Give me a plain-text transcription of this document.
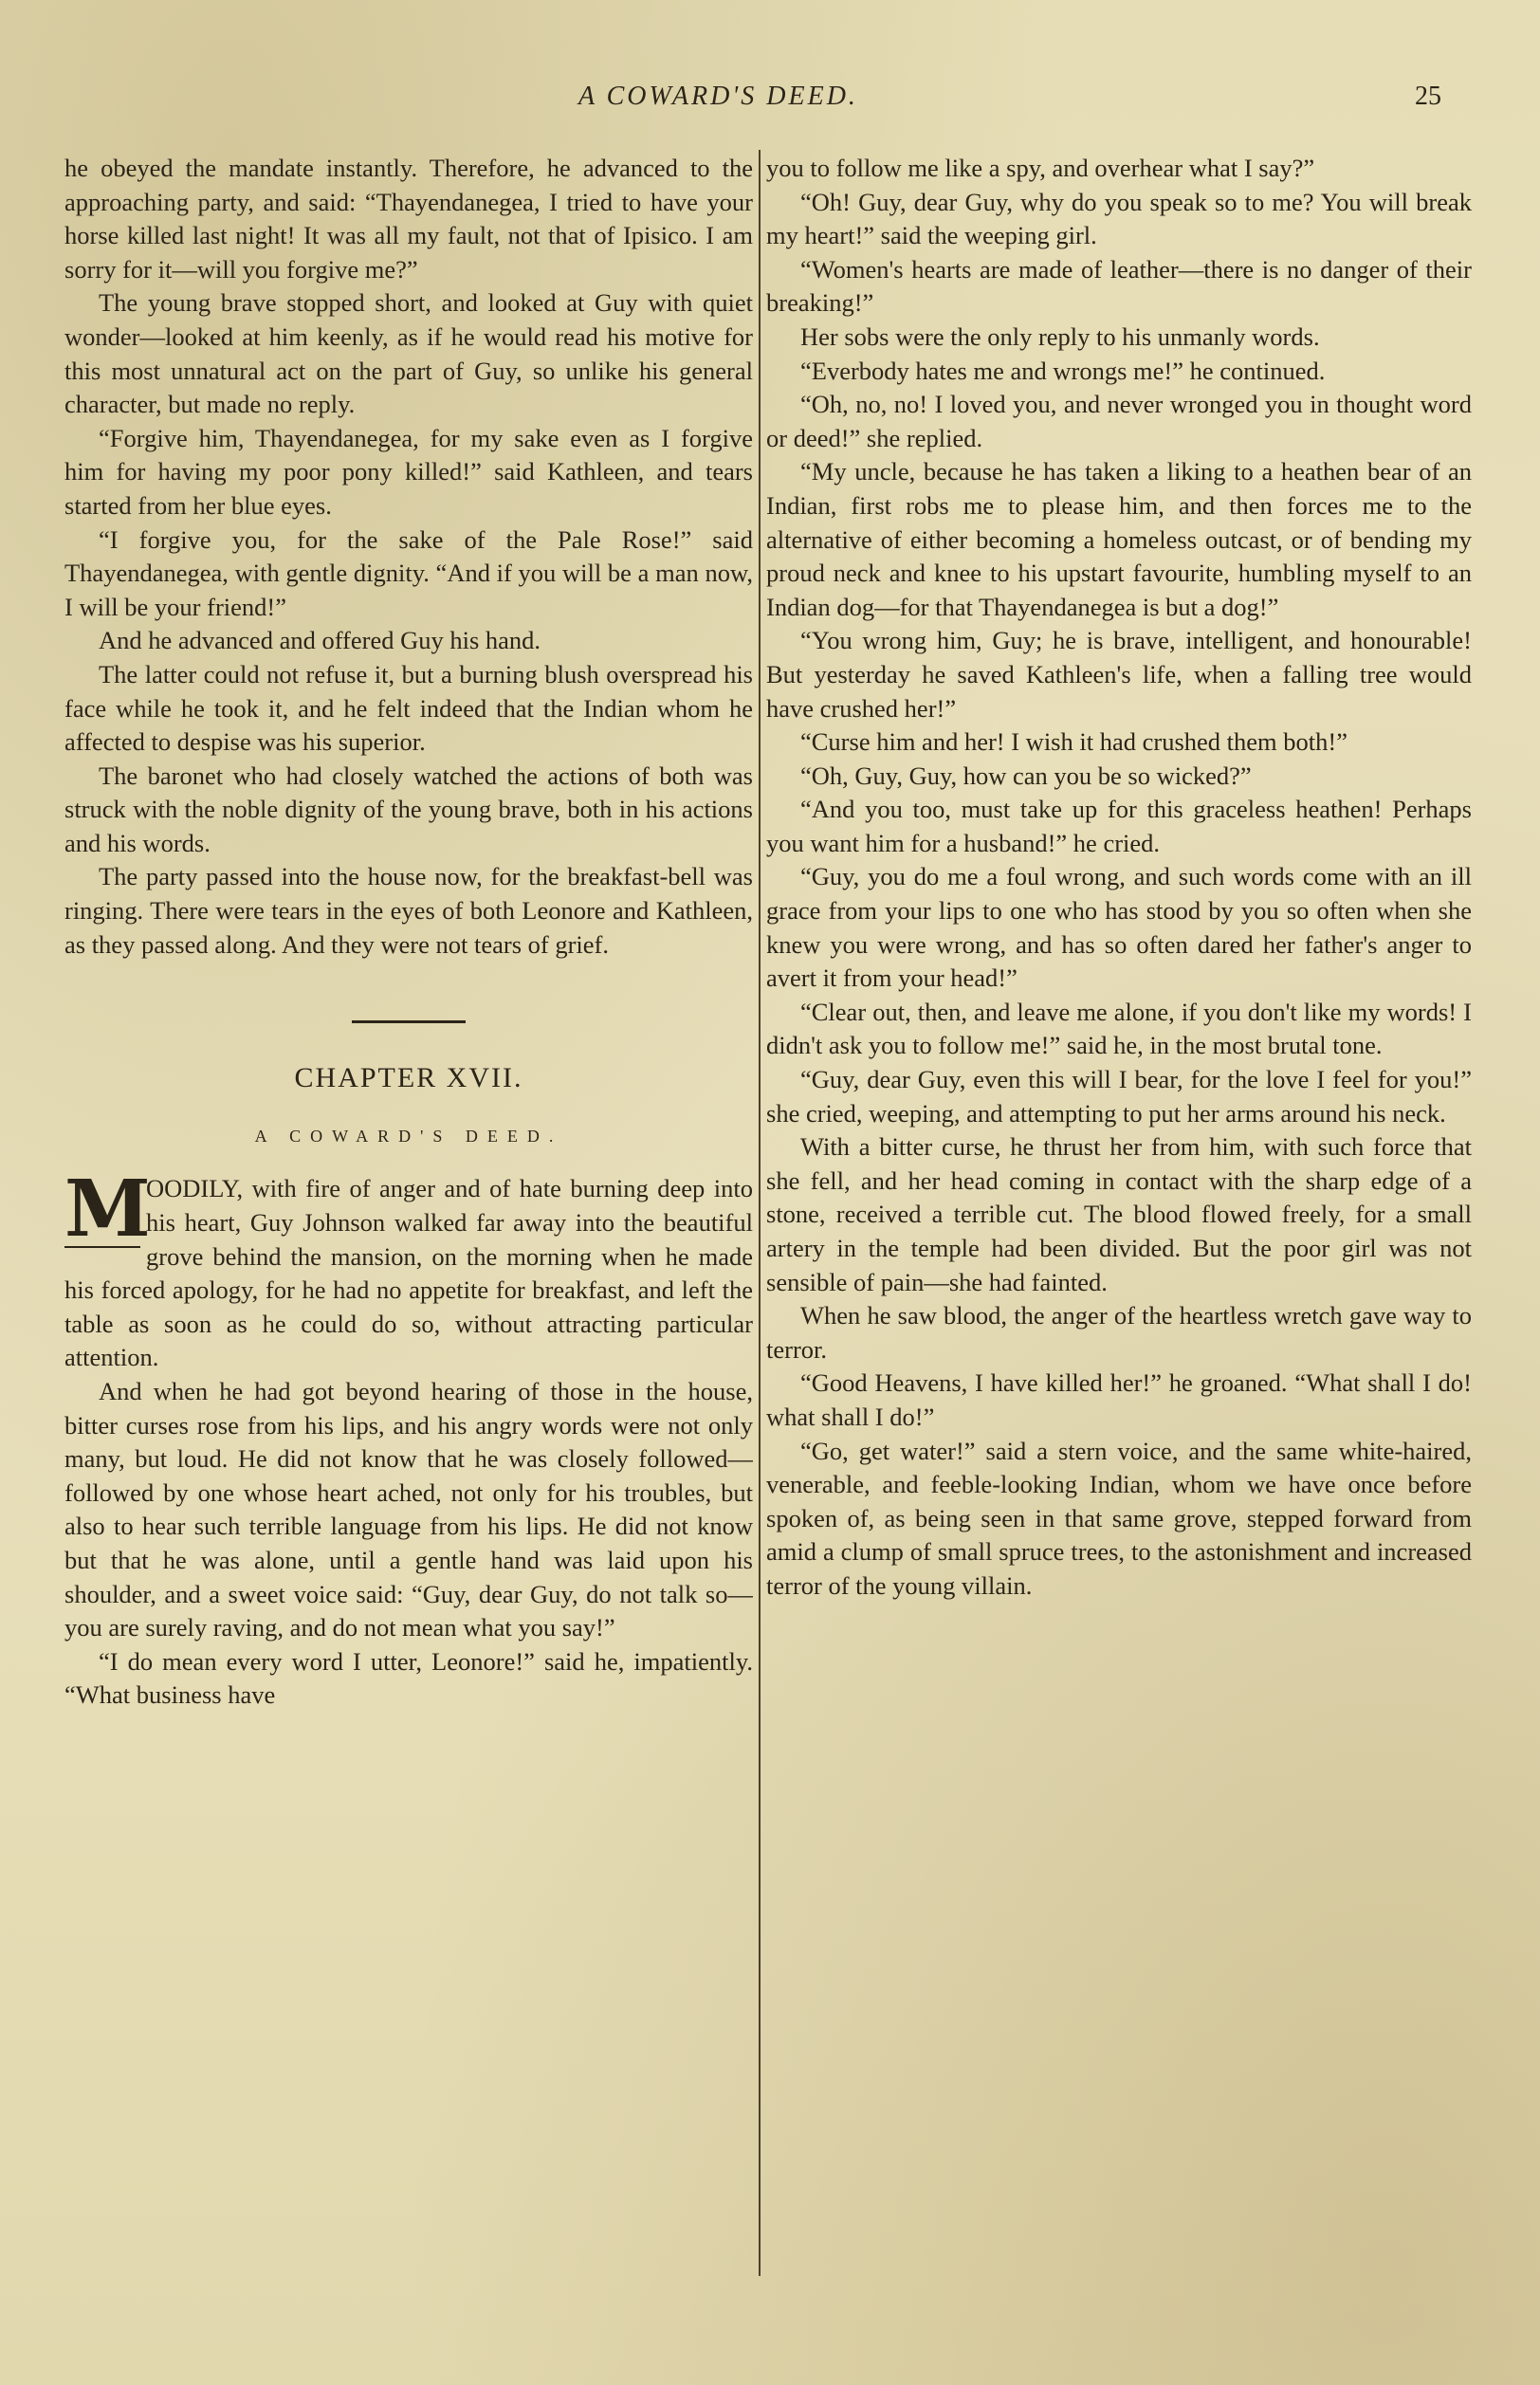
A COWARD'S DEED.	25

he obeyed the mandate instantly. Therefore, he advanced to the approaching party, and said: “Thayendanegea, I tried to have your horse killed last night! It was all my fault, not that of Ipisico. I am sorry for it—will you forgive me?”

The young brave stopped short, and looked at Guy with quiet wonder—looked at him keenly, as if he would read his motive for this most unnatural act on the part of Guy, so unlike his general character, but made no reply.

“Forgive him, Thayendanegea, for my sake even as I forgive him for having my poor pony killed!” said Kathleen, and tears started from her blue eyes.

“I forgive you, for the sake of the Pale Rose!” said Thayendanegea, with gentle dignity. “And if you will be a man now, I will be your friend!”

And he advanced and offered Guy his hand.

The latter could not refuse it, but a burning blush overspread his face while he took it, and he felt indeed that the Indian whom he affected to despise was his superior.

The baronet who had closely watched the actions of both was struck with the noble dignity of the young brave, both in his actions and his words.

The party passed into the house now, for the breakfast-bell was ringing. There were tears in the eyes of both Leonore and Kathleen, as they passed along. And they were not tears of grief.

CHAPTER XVII.
A COWARD'S DEED.

M
OODILY, with fire of anger and of hate burning deep into his heart, Guy Johnson walked far away into the beautiful grove behind the mansion, on the morning when he made his forced apology, for he had no appetite for breakfast, and left the table as soon as he could do so, without attracting particular attention.

And when he had got beyond hearing of those in the house, bitter curses rose from his lips, and his angry words were not only many, but loud. He did not know that he was closely followed—followed by one whose heart ached, not only for his troubles, but also to hear such terrible language from his lips. He did not know but that he was alone, until a gentle hand was laid upon his shoulder, and a sweet voice said: “Guy, dear Guy, do not talk so—you are surely raving, and do not mean what you say!”

“I do mean every word I utter, Leonore!” said he, impatiently. “What business have

you to follow me like a spy, and overhear what I say?”

“Oh! Guy, dear Guy, why do you speak so to me? You will break my heart!” said the weeping girl.

“Women's hearts are made of leather—there is no danger of their breaking!”

Her sobs were the only reply to his unmanly words.

“Everbody hates me and wrongs me!” he continued.

“Oh, no, no! I loved you, and never wronged you in thought word or deed!” she replied.

“My uncle, because he has taken a liking to a heathen bear of an Indian, first robs me to please him, and then forces me to the alternative of either becoming a homeless outcast, or of bending my proud neck and knee to his upstart favourite, humbling myself to an Indian dog—for that Thayendanegea is but a dog!”

“You wrong him, Guy; he is brave, intelligent, and honourable! But yesterday he saved Kathleen's life, when a falling tree would have crushed her!”

“Curse him and her! I wish it had crushed them both!”

“Oh, Guy, Guy, how can you be so wicked?”

“And you too, must take up for this graceless heathen! Perhaps you want him for a husband!” he cried.

“Guy, you do me a foul wrong, and such words come with an ill grace from your lips to one who has stood by you so often when she knew you were wrong, and has so often dared her father's anger to avert it from your head!”

“Clear out, then, and leave me alone, if you don't like my words! I didn't ask you to follow me!” said he, in the most brutal tone.

“Guy, dear Guy, even this will I bear, for the love I feel for you!” she cried, weeping, and attempting to put her arms around his neck.

With a bitter curse, he thrust her from him, with such force that she fell, and her head coming in contact with the sharp edge of a stone, received a terrible cut. The blood flowed freely, for a small artery in the temple had been divided. But the poor girl was not sensible of pain—she had fainted.

When he saw blood, the anger of the heartless wretch gave way to terror.

“Good Heavens, I have killed her!” he groaned. “What shall I do! what shall I do!”

“Go, get water!” said a stern voice, and the same white-haired, venerable, and feeble-looking Indian, whom we have once before spoken of, as being seen in that same grove, stepped forward from amid a clump of small spruce trees, to the astonishment and increased terror of the young villain.
